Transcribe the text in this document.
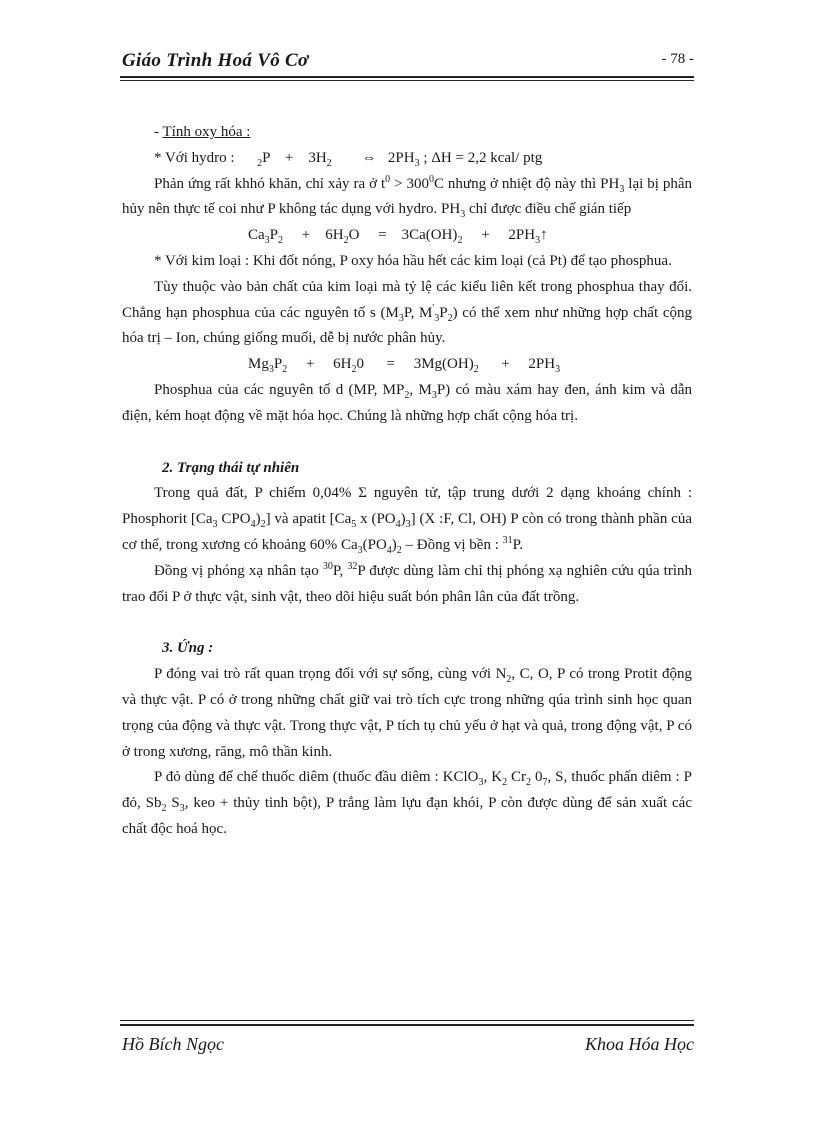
Giáo Trình Hoá Vô Cơ	- 78 -

- Tính oxy hóa :

* Với hydro :      $_2$P    +    $3H_2$        ⇔   $2PH_3$ ; ΔH = 2,2 kcal/ ptg

Phản ứng rất khhó khăn, chỉ xảy ra ở $t^0 > 300^0C$ nhưng ở nhiệt độ này thì $PH_3$ lại bị phân hủy nên thực tế coi như P không tác dụng với hydro. $PH_3$ chỉ được điều chế gián tiếp

$Ca_3P_2$     +    $6H_2O$     =    $3Ca(OH)_2$     +     $2PH_3↑$

* Với kim loại : Khi đốt nóng, P oxy hóa hầu hết các kim loại (cả Pt) để tạo phosphua.

Tùy thuộc vào bản chất của kim loại mà tỷ lệ các kiểu liên kết trong phosphua thay đổi. Chẳng hạn phosphua của các nguyên tố s ($M_3P$, $M'_3P_2$) có thể xem như những hợp chất cộng hóa trị – Ion, chúng giống muối, dễ bị nước phân hủy.

$Mg_3P_2$     +     $6H_20$      =     $3Mg(OH)_2$      +     $2PH_3$

Phosphua của các nguyên tố d (MP, $MP_2$, $M_3P$) có màu xám hay đen, ánh kim và dẫn điện, kém hoạt động về mặt hóa học. Chúng là những hợp chất cộng hóa trị.

2. Trạng thái tự nhiên

Trong quả đất, P chiếm 0,04% Σ nguyên tử, tập trung dưới 2 dạng khoáng chính : Phosphorit [$Ca_3$ $CPO_4)_2$] và apatit [$Ca_5$ x $(PO_4)_3$] (X :F, Cl, OH) P còn có trong thành phần của cơ thể, trong xương có khoảng 60% $Ca_3(PO_4)_2$ – Đồng vị bền : $^{31}$P.

Đồng vị phóng xạ nhân tạo $^{30}$P, $^{32}$P được dùng làm chỉ thị phóng xạ nghiên cứu qúa trình trao đổi P ở thực vật, sinh vật, theo dõi hiệu suất bón phân lân của đất trồng.

3. Ứng :

P đóng vai trò rất quan trọng đối với sự sống, cùng với $N_2$, C, O, P có trong Protit động và thực vật. P có ở trong những chất giữ vai trò tích cực trong những qúa trình sinh học quan trọng của động và thực vật. Trong thực vật, P tích tụ chủ yếu ở hạt và quả, trong động vật, P có ở trong xương, răng, mô thần kinh.

P đỏ dùng để chế thuốc diêm (thuốc đầu diêm : KClO$_3$, $K_2$ $Cr_2$ $0_7$, S, thuốc phấn diêm : P đỏ, $Sb_2$ $S_3$, keo + thủy tinh bột), P trắng làm lựu đạn khói, P còn được dùng để sản xuất các chất độc hoá học.

Hồ Bích Ngọc	Khoa Hóa Học
